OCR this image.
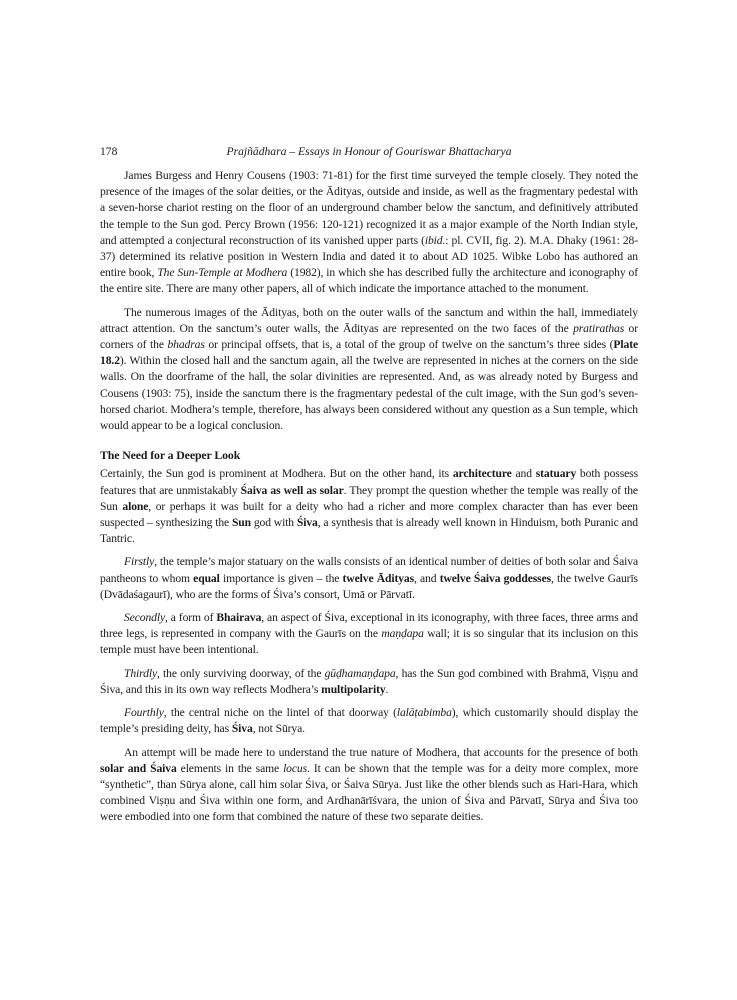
178	Prajñādhara – Essays in Honour of Gouriswar Bhattacharya

James Burgess and Henry Cousens (1903: 71-81) for the first time surveyed the temple closely. They noted the presence of the images of the solar deities, or the Ādityas, outside and inside, as well as the fragmentary pedestal with a seven-horse chariot resting on the floor of an underground chamber below the sanctum, and definitively attributed the temple to the Sun god. Percy Brown (1956: 120-121) recognized it as a major example of the North Indian style, and attempted a conjectural reconstruction of its vanished upper parts (ibid.: pl. CVII, fig. 2). M.A. Dhaky (1961: 28-37) determined its relative position in Western India and dated it to about AD 1025. Wibke Lobo has authored an entire book, The Sun-Temple at Modhera (1982), in which she has described fully the architecture and iconography of the entire site. There are many other papers, all of which indicate the importance attached to the monument.

The numerous images of the Ādityas, both on the outer walls of the sanctum and within the hall, immediately attract attention. On the sanctum’s outer walls, the Ādityas are represented on the two faces of the pratirathas or corners of the bhadras or principal offsets, that is, a total of the group of twelve on the sanctum’s three sides (Plate 18.2). Within the closed hall and the sanctum again, all the twelve are represented in niches at the corners on the side walls. On the doorframe of the hall, the solar divinities are represented. And, as was already noted by Burgess and Cousens (1903: 75), inside the sanctum there is the fragmentary pedestal of the cult image, with the Sun god’s seven-horsed chariot. Modhera’s temple, therefore, has always been considered without any question as a Sun temple, which would appear to be a logical conclusion.

The Need for a Deeper Look

Certainly, the Sun god is prominent at Modhera. But on the other hand, its architecture and statuary both possess features that are unmistakably Śaiva as well as solar. They prompt the question whether the temple was really of the Sun alone, or perhaps it was built for a deity who had a richer and more complex character than has ever been suspected – synthesizing the Sun god with Śiva, a synthesis that is already well known in Hinduism, both Puranic and Tantric.

Firstly, the temple’s major statuary on the walls consists of an identical number of deities of both solar and Śaiva pantheons to whom equal importance is given – the twelve Ādityas, and twelve Śaiva goddesses, the twelve Gaurīs (Dvādaśagaurī), who are the forms of Śiva’s consort, Umā or Pārvatī.

Secondly, a form of Bhairava, an aspect of Śiva, exceptional in its iconography, with three faces, three arms and three legs, is represented in company with the Gaurīs on the maṇḍapa wall; it is so singular that its inclusion on this temple must have been intentional.

Thirdly, the only surviving doorway, of the gūḍhamaṇḍapa, has the Sun god combined with Brahmā, Viṣṇu and Śiva, and this in its own way reflects Modhera’s multipolarity.

Fourthly, the central niche on the lintel of that doorway (lalāṭabimba), which customarily should display the temple’s presiding deity, has Śiva, not Sūrya.

An attempt will be made here to understand the true nature of Modhera, that accounts for the presence of both solar and Śaiva elements in the same locus. It can be shown that the temple was for a deity more complex, more “synthetic”, than Sūrya alone, call him solar Śiva, or Śaiva Sūrya. Just like the other blends such as Hari-Hara, which combined Viṣṇu and Śiva within one form, and Ardhanārīśvara, the union of Śiva and Pārvatī, Sūrya and Śiva too were embodied into one form that combined the nature of these two separate deities.
